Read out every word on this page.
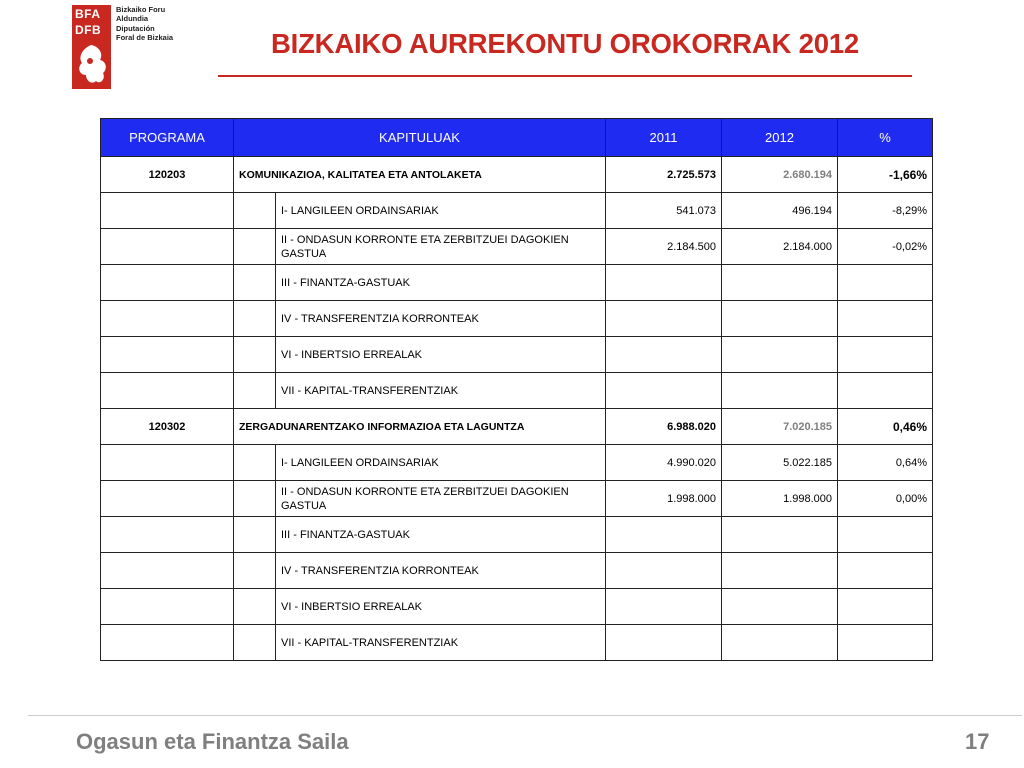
BFA
DFB
Bizkaiko Foru
Aldundia
Diputación
Foral de Bizkaia	BIZKAIKO AURREKONTU OROKORRAK 2012
PROGRAMA	KAPITULUAK		2011	2012	%
120203	KOMUNIKAZIOA, KALITATEA ETA ANTOLAKETA		2.725.573	2.680.194	-1,66%
		I- LANGILEEN ORDAINSARIAK	541.073	496.194	-8,29%
		II - ONDASUN KORRONTE ETA ZERBITZUEI DAGOKIEN GASTUA	2.184.500	2.184.000	-0,02%
		III - FINANTZA-GASTUAK			
		IV - TRANSFERENTZIA KORRONTEAK			
		VI - INBERTSIO ERREALAK			
		VII - KAPITAL-TRANSFERENTZIAK			
120302	ZERGADUNARENTZAKO INFORMAZIOA ETA LAGUNTZA		6.988.020	7.020.185	0,46%
		I- LANGILEEN ORDAINSARIAK	4.990.020	5.022.185	0,64%
		II - ONDASUN KORRONTE ETA ZERBITZUEI DAGOKIEN GASTUA	1.998.000	1.998.000	0,00%
		III - FINANTZA-GASTUAK			
		IV - TRANSFERENTZIA KORRONTEAK			
		VI - INBERTSIO ERREALAK			
		VII - KAPITAL-TRANSFERENTZIAK			
Ogasun eta Finantza Saila	17
